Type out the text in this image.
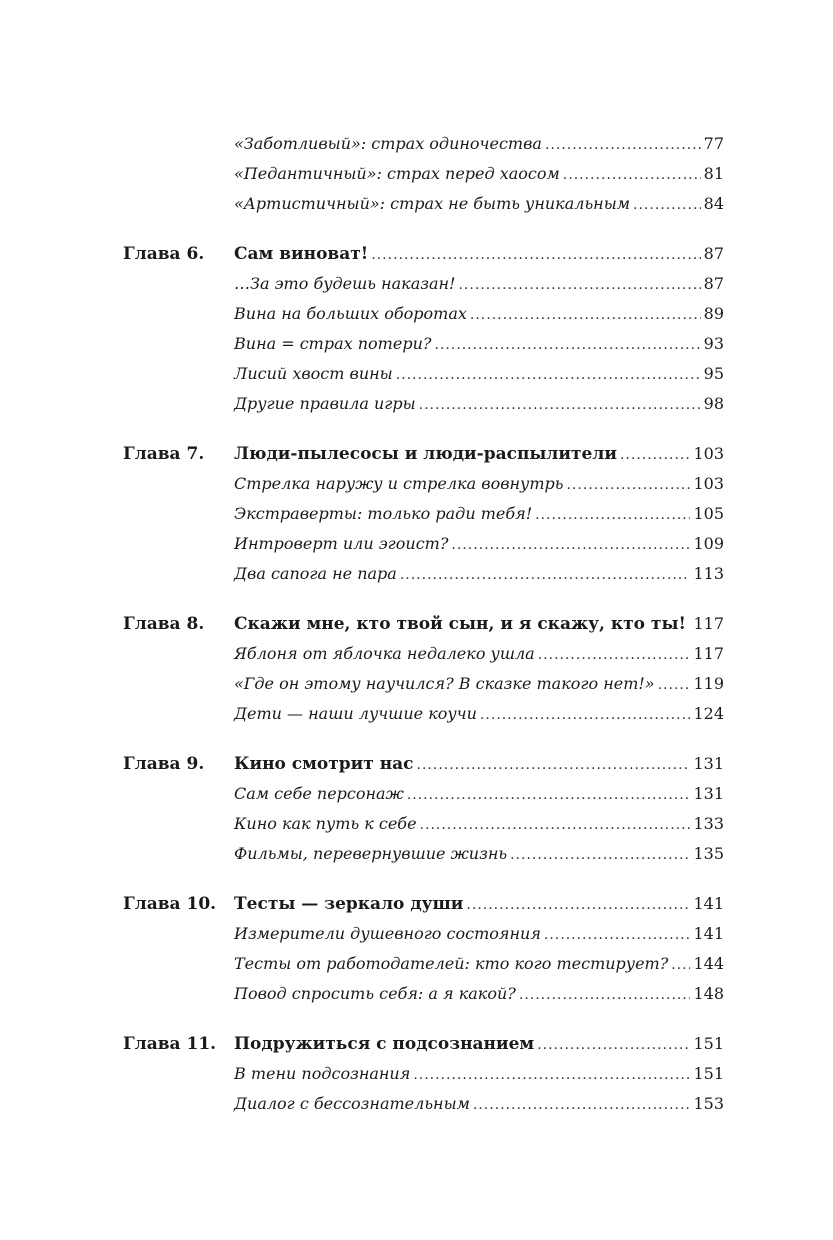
«Заботливый»: страх одиночества .....	77
«Педантичный»: страх перед хаосом .....	81
«Артистичный»: страх не быть уникальным .....	84
Глава 6. Сам виноват! .....	87
…За это будешь наказан! .....	87
Вина на больших оборотах .....	89
Вина = страх потери? .....	93
Лисий хвост вины .....	95
Другие правила игры .....	98
Глава 7. Люди-пылесосы и люди-распылители .....	103
Стрелка наружу и стрелка вовнутрь .....	103
Экстраверты: только ради тебя! .....	105
Интроверт или эгоист? .....	109
Два сапога не пара .....	113
Глава 8. Скажи мне, кто твой сын, и я скажу, кто ты! ..... 117
Яблоня от яблочка недалеко ушла .....	117
«Где он этому научился? В сказке такого нет!» ..... 119
Дети — наши лучшие коучи .....	124
Глава 9. Кино смотрит нас .....	131
Сам себе персонаж .....	131
Кино как путь к себе .....	133
Фильмы, перевернувшие жизнь .....	135
Глава 10. Тесты — зеркало души .....	141
Измерители душевного состояния .....	141
Тесты от работодателей: кто кого тестирует? ..... 144
Повод спросить себя: а я какой? .....	148
Глава 11. Подружиться с подсознанием .....	151
В тени подсознания .....	151
Диалог с бессознательным .....	153
